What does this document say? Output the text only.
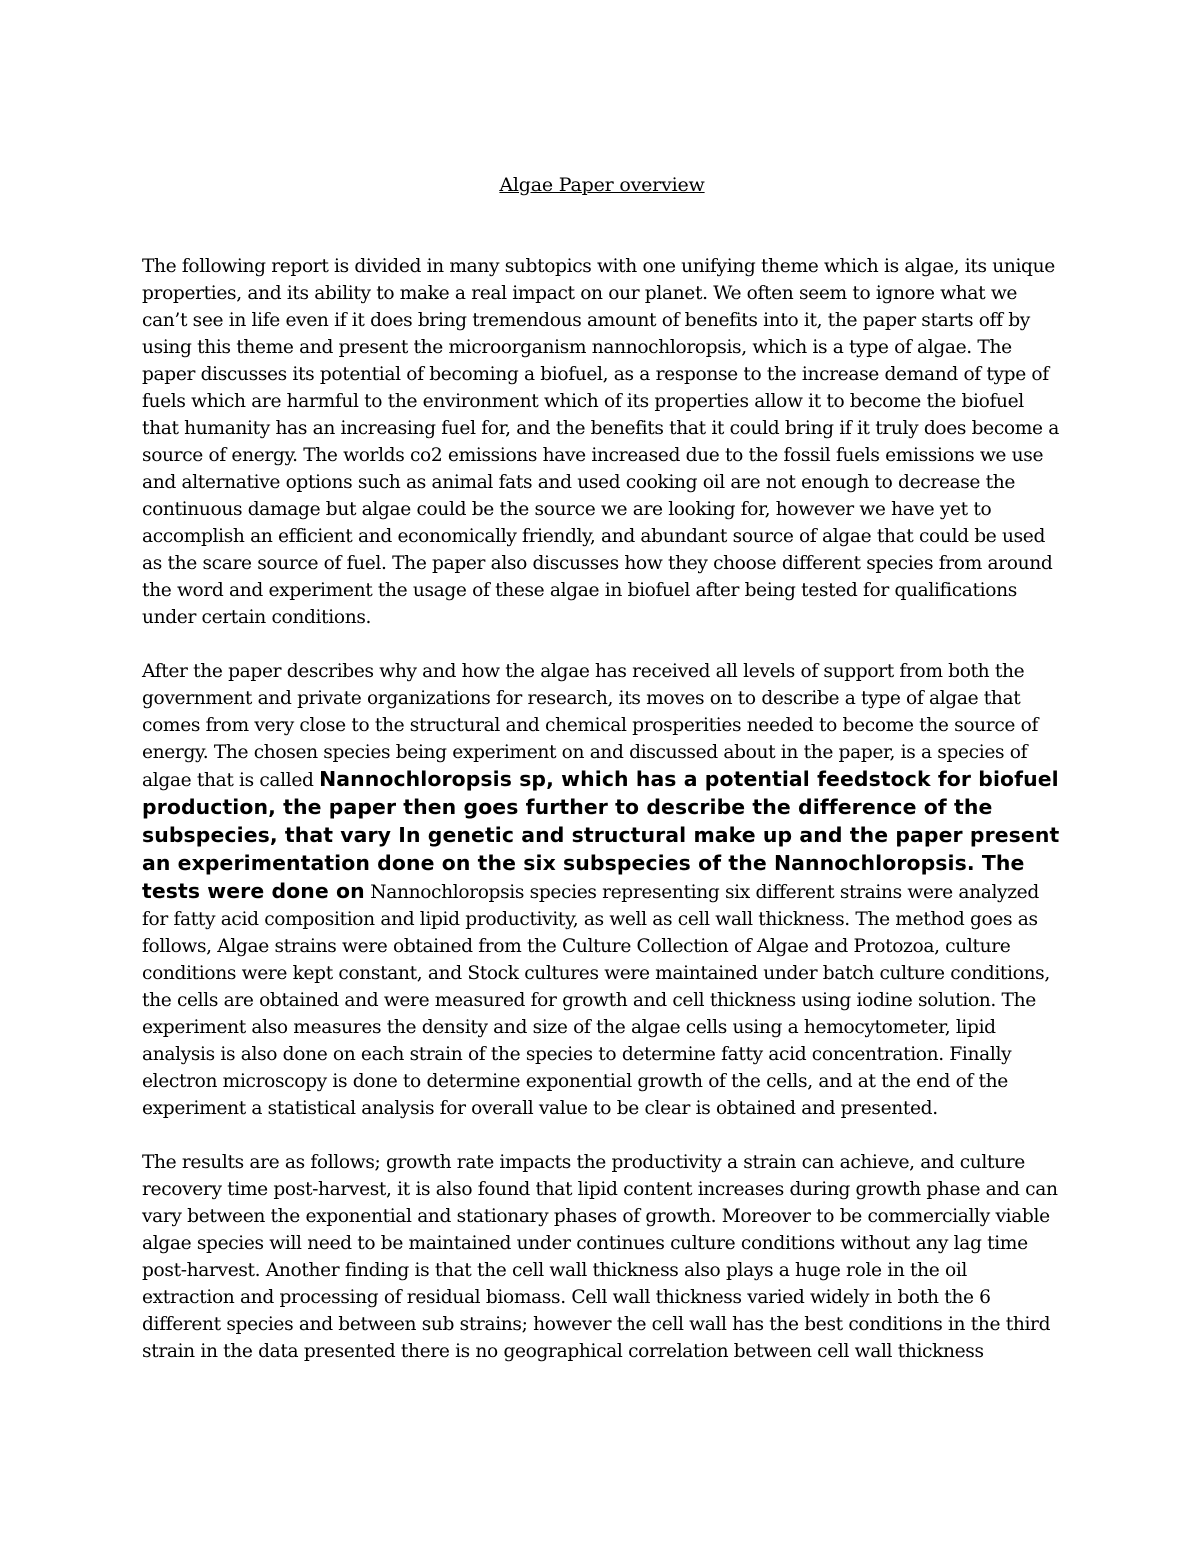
Algae Paper overview

The following report is divided in many subtopics with one unifying theme which is algae, its unique properties, and its ability to make a real impact on our planet. We often seem to ignore what we can’t see in life even if it does bring tremendous amount of benefits into it, the paper starts off by using this theme and present the microorganism nannochloropsis, which is a type of algae. The paper discusses its potential of becoming a biofuel, as a response to the increase demand of type of fuels which are harmful to the environment which of its properties allow it to become the biofuel that humanity has an increasing fuel for, and the benefits that it could bring if it truly does become a source of energy. The worlds co2 emissions have increased due to the fossil fuels emissions we use and alternative options such as animal fats and used cooking oil are not enough to decrease the continuous damage but algae could be the source we are looking for, however we have yet to accomplish an efficient and economically friendly, and abundant source of algae that could be used as the scare source of fuel. The paper also discusses how they choose different species from around the word and experiment the usage of these algae in biofuel after being tested for qualifications under certain conditions.

After the paper describes why and how the algae has received all levels of support from both the government and private organizations for research, its moves on to describe a type of algae that comes from very close to the structural and chemical prosperities needed to become the source of energy. The chosen species being experiment on and discussed about in the paper, is a species of algae that is called Nannochloropsis sp, which has a potential feedstock for biofuel production, the paper then goes further to describe the difference of the subspecies, that vary In genetic and structural make up and the paper present an experimentation done on the six subspecies of the Nannochloropsis. The tests were done on Nannochloropsis species representing six different strains were analyzed for fatty acid composition and lipid productivity, as well as cell wall thickness. The method goes as follows, Algae strains were obtained from the Culture Collection of Algae and Protozoa, culture conditions were kept constant, and Stock cultures were maintained under batch culture conditions, the cells are obtained and were measured for growth and cell thickness using iodine solution. The experiment also measures the density and size of the algae cells using a hemocytometer, lipid analysis is also done on each strain of the species to determine fatty acid concentration. Finally electron microscopy is done to determine exponential growth of the cells, and at the end of the experiment a statistical analysis for overall value to be clear is obtained and presented.

The results are as follows; growth rate impacts the productivity a strain can achieve, and culture recovery time post-harvest, it is also found that lipid content increases during growth phase and can vary between the exponential and stationary phases of growth. Moreover to be commercially viable algae species will need to be maintained under continues culture conditions without any lag time post-harvest. Another finding is that the cell wall thickness also plays a huge role in the oil extraction and processing of residual biomass. Cell wall thickness varied widely in both the 6 different species and between sub strains; however the cell wall has the best conditions in the third strain in the data presented there is no geographical correlation between cell wall thickness
